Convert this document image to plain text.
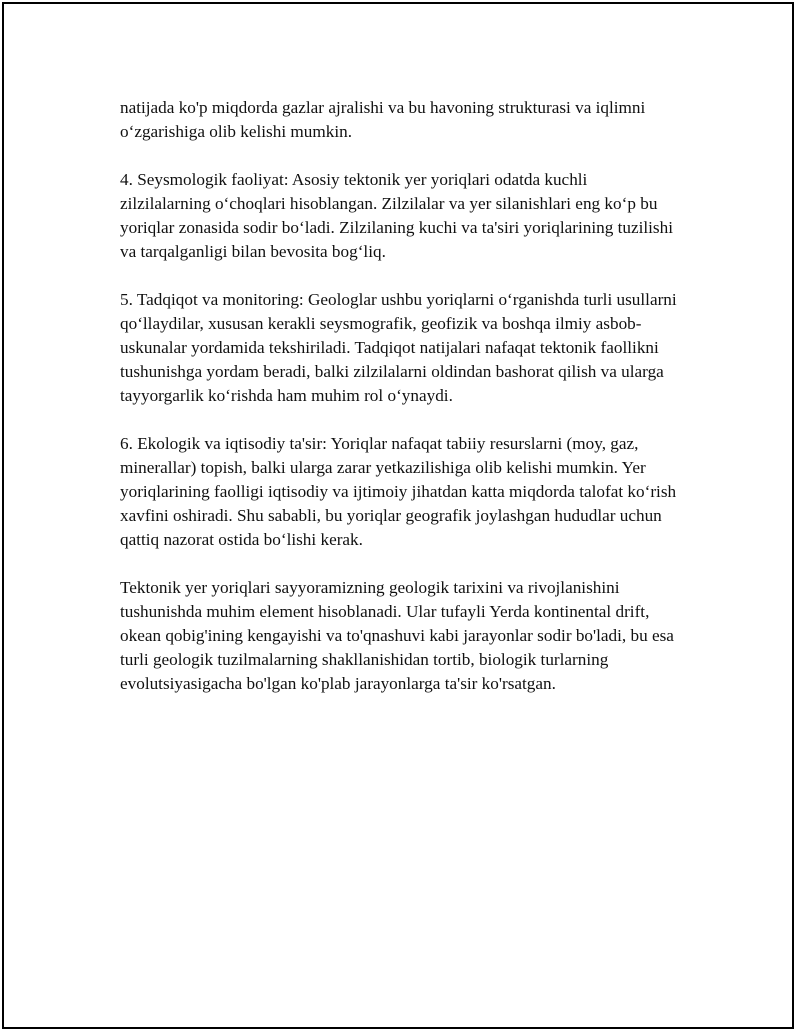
natijada ko'p miqdorda gazlar ajralishi va bu havoning strukturasi va iqlimni o‘zgarishiga olib kelishi mumkin.

4. Seysmologik faoliyat: Asosiy tektonik yer yoriqlari odatda kuchli zilzilalarning o‘choqlari hisoblangan. Zilzilalar va yer silanishlari eng ko‘p bu yoriqlar zonasida sodir bo‘ladi. Zilzilaning kuchi va ta'siri yoriqlarining tuzilishi va tarqalganligi bilan bevosita bog‘liq.

5. Tadqiqot va monitoring: Geologlar ushbu yoriqlarni o‘rganishda turli usullarni qo‘llaydilar, xususan kerakli seysmografik, geofizik va boshqa ilmiy asbob-uskunalar yordamida tekshiriladi. Tadqiqot natijalari nafaqat tektonik faollikni tushunishga yordam beradi, balki zilzilalarni oldindan bashorat qilish va ularga tayyorgarlik ko‘rishda ham muhim rol o‘ynaydi.

6. Ekologik va iqtisodiy ta'sir: Yoriqlar nafaqat tabiiy resurslarni (moy, gaz, minerallar) topish, balki ularga zarar yetkazilishiga olib kelishi mumkin. Yer yoriqlarining faolligi iqtisodiy va ijtimoiy jihatdan katta miqdorda talofat ko‘rish xavfini oshiradi. Shu sababli, bu yoriqlar geografik joylashgan hududlar uchun qattiq nazorat ostida bo‘lishi kerak.

Tektonik yer yoriqlari sayyoramizning geologik tarixini va rivojlanishini tushunishda muhim element hisoblanadi. Ular tufayli Yerda kontinental drift, okean qobig'ining kengayishi va to'qnashuvi kabi jarayonlar sodir bo'ladi, bu esa turli geologik tuzilmalarning shakllanishidan tortib, biologik turlarning evolutsiyasigacha bo'lgan ko'plab jarayonlarga ta'sir ko'rsatgan.
